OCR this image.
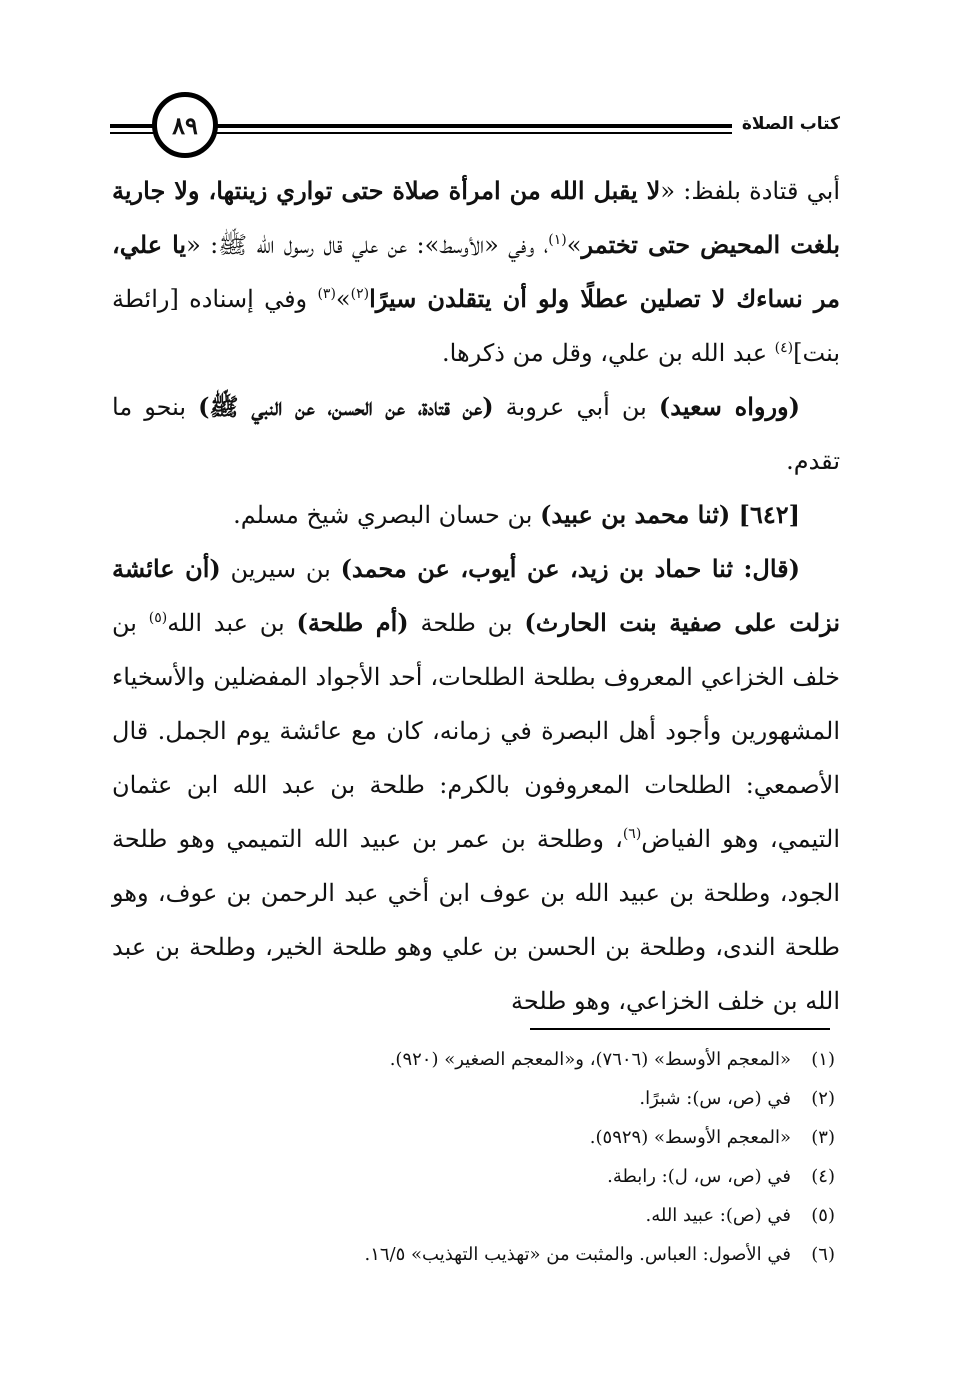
٨٩	كتاب الصلاة

أبي قتادة بلفظ: «لا يقبل الله من امرأة صلاة حتى تواري زينتها، ولا جارية بلغت المحيض حتى تختمر»$^{(١)}$، وفي «الأوسط»: عن علي قال رسول الله ﷺ: «يا علي، مر نساءك لا تصلين عطلًا ولو أن يتقلدن سيرًا$^{(٢)}$»$^{(٣)}$ وفي إسناده [رائطة بنت]$^{(٤)}$ عبد الله بن علي، وقل من ذكرها.

(ورواه سعيد) بن أبي عروبة (عن قتادة، عن الحسن، عن النبي ﷺ) بنحو ما تقدم.

[٦٤٢] (ثنا محمد بن عبيد) بن حسان البصري شيخ مسلم.

(قال: ثنا حماد بن زيد، عن أيوب، عن محمد) بن سيرين (أن عائشة نزلت على صفية بنت الحارث) بن طلحة (أم طلحة) بن عبد الله$^{(٥)}$ بن خلف الخزاعي المعروف بطلحة الطلحات، أحد الأجواد المفضلين والأسخياء المشهورين وأجود أهل البصرة في زمانه، كان مع عائشة يوم الجمل. قال الأصمعي: الطلحات المعروفون بالكرم: طلحة بن عبد الله ابن عثمان التيمي، وهو الفياض$^{(٦)}$، وطلحة بن عمر بن عبيد الله التميمي وهو طلحة الجود، وطلحة بن عبيد الله بن عوف ابن أخي عبد الرحمن بن عوف، وهو طلحة الندى، وطلحة بن الحسن بن علي وهو طلحة الخير، وطلحة بن عبد الله بن خلف الخزاعي، وهو طلحة

(١)
«المعجم الأوسط» (٧٦٠٦)، و«المعجم الصغير» (٩٢٠).
(٢)
في (ص، س): شبرًا.
(٣)
«المعجم الأوسط» (٥٩٢٩).
(٤)
في (ص، س، ل): رابطة.
(٥)
في (ص): عبيد الله.
(٦)
في الأصول: العباس. والمثبت من «تهذيب التهذيب» ١٦/٥.
